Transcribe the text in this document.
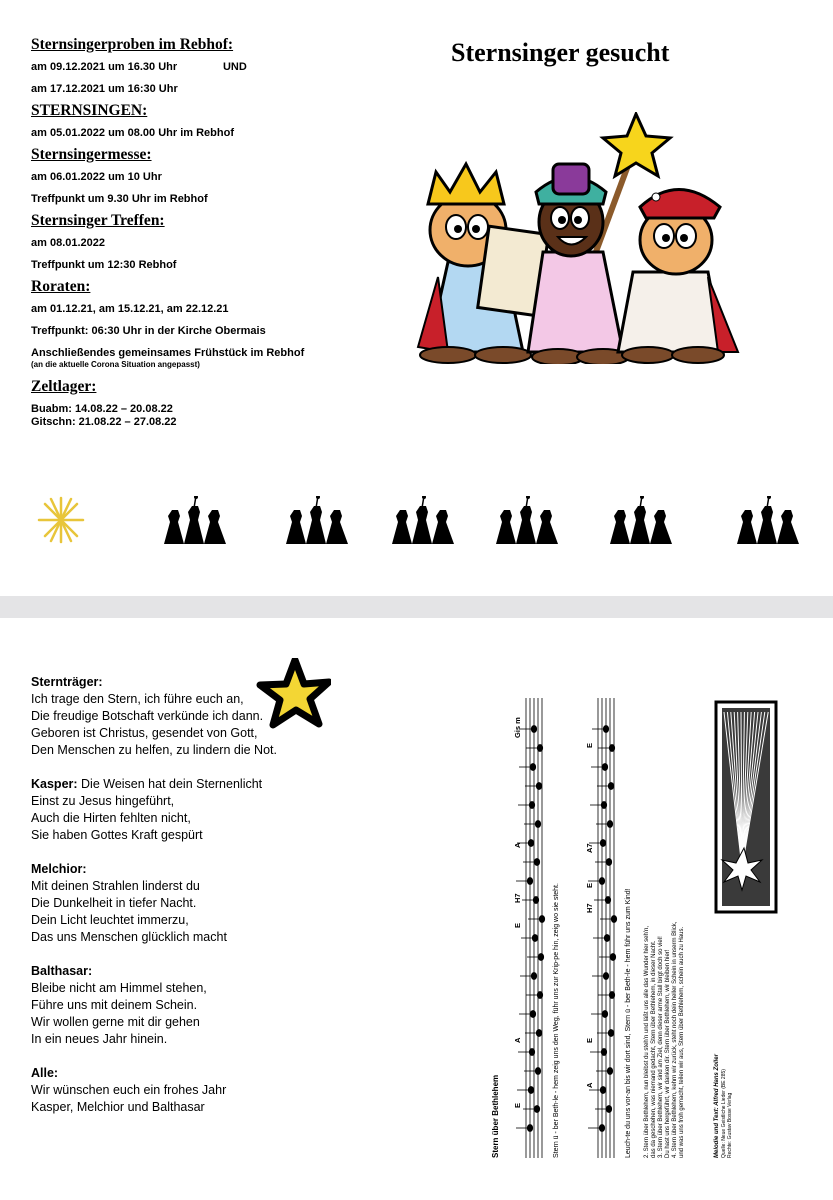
Sternsingerproben im Rebhof:

am 09.12.2021 um 16.30 Uhr               UND

am 17.12.2021 um 16:30 Uhr

STERNSINGEN:

am 05.01.2022 um 08.00 Uhr im Rebhof

Sternsingermesse:

am 06.01.2022 um 10 Uhr

Treffpunkt um 9.30 Uhr im Rebhof

Sternsinger Treffen:

am 08.01.2022

Treffpunkt um 12:30 Rebhof

Roraten:

am 01.12.21, am 15.12.21, am 22.12.21

Treffpunkt: 06:30 Uhr in der Kirche Obermais

Anschließendes gemeinsames Frühstück im Rebhof

(an die aktuelle Corona Situation angepasst)

Zeltlager:

Buabm: 14.08.22 – 20.08.22

Gitschn: 21.08.22 – 27.08.22

Sternsinger gesucht

Sternträger:
Ich trage den Stern, ich führe euch an,
Die freudige Botschaft verkünde ich dann.
Geboren ist Christus, gesendet von Gott,
Den Menschen zu helfen, zu lindern die Not.

Kasper: Die Weisen hat dein Sternenlicht
Einst zu Jesus hingeführt,
Auch die Hirten fehlten nicht,
Sie haben Gottes Kraft gespürt

Melchior:
Mit deinen Strahlen linderst du
Die Dunkelheit in tiefer Nacht.
Dein Licht leuchtet immerzu,
Das uns Menschen glücklich macht

Balthasar:
Bleibe nicht am Himmel stehen,
Führe uns mit deinem Schein.
Wir wollen gerne mit dir gehen
In ein neues Jahr hinein.

Alle:
Wir wünschen euch ein frohes Jahr
Kasper, Melchior und Balthasar	Stern über Bethlehem	Stern ü - ber Beth-le - hem zeig uns den Weg, führ uns zur Krip-pe hin, zeig wo sie steht.
E
A
E
H7
A
Gis m
Leuch-te du uns vor-an bis wir dort sind, Stern ü - ber Beth-le - hem führ uns zum Kind!
A
E
H7
E
A7
E
2. Stern über Bethlehem, nun bleibst du steh'n und läßt uns alle das Wunder hier seh'n, das da geschehen, was niemand gedacht, Stern über Bethlehem, in dieser Nacht. 3. Stern über Bethlehem, wir sind am Ziel, denn dieser arme Stall birgt doch so viel! Du hast uns hergeführt, wir danken dir. Stern über Bethlehem, wir bleiben hier! 4. Stern über Bethlehem, kehrn wir zurück, steht noch dein heller Schein in unserm Blick, und was uns froh gemacht, teilen wir aus, Stern über Bethlehem, schein auch zu Haus.	Melodie und Text: Alfred Hans Zoller Quelle: Neue Geistliche Lieder (BE 285) Rechte: Gustav Bosse Verlag
